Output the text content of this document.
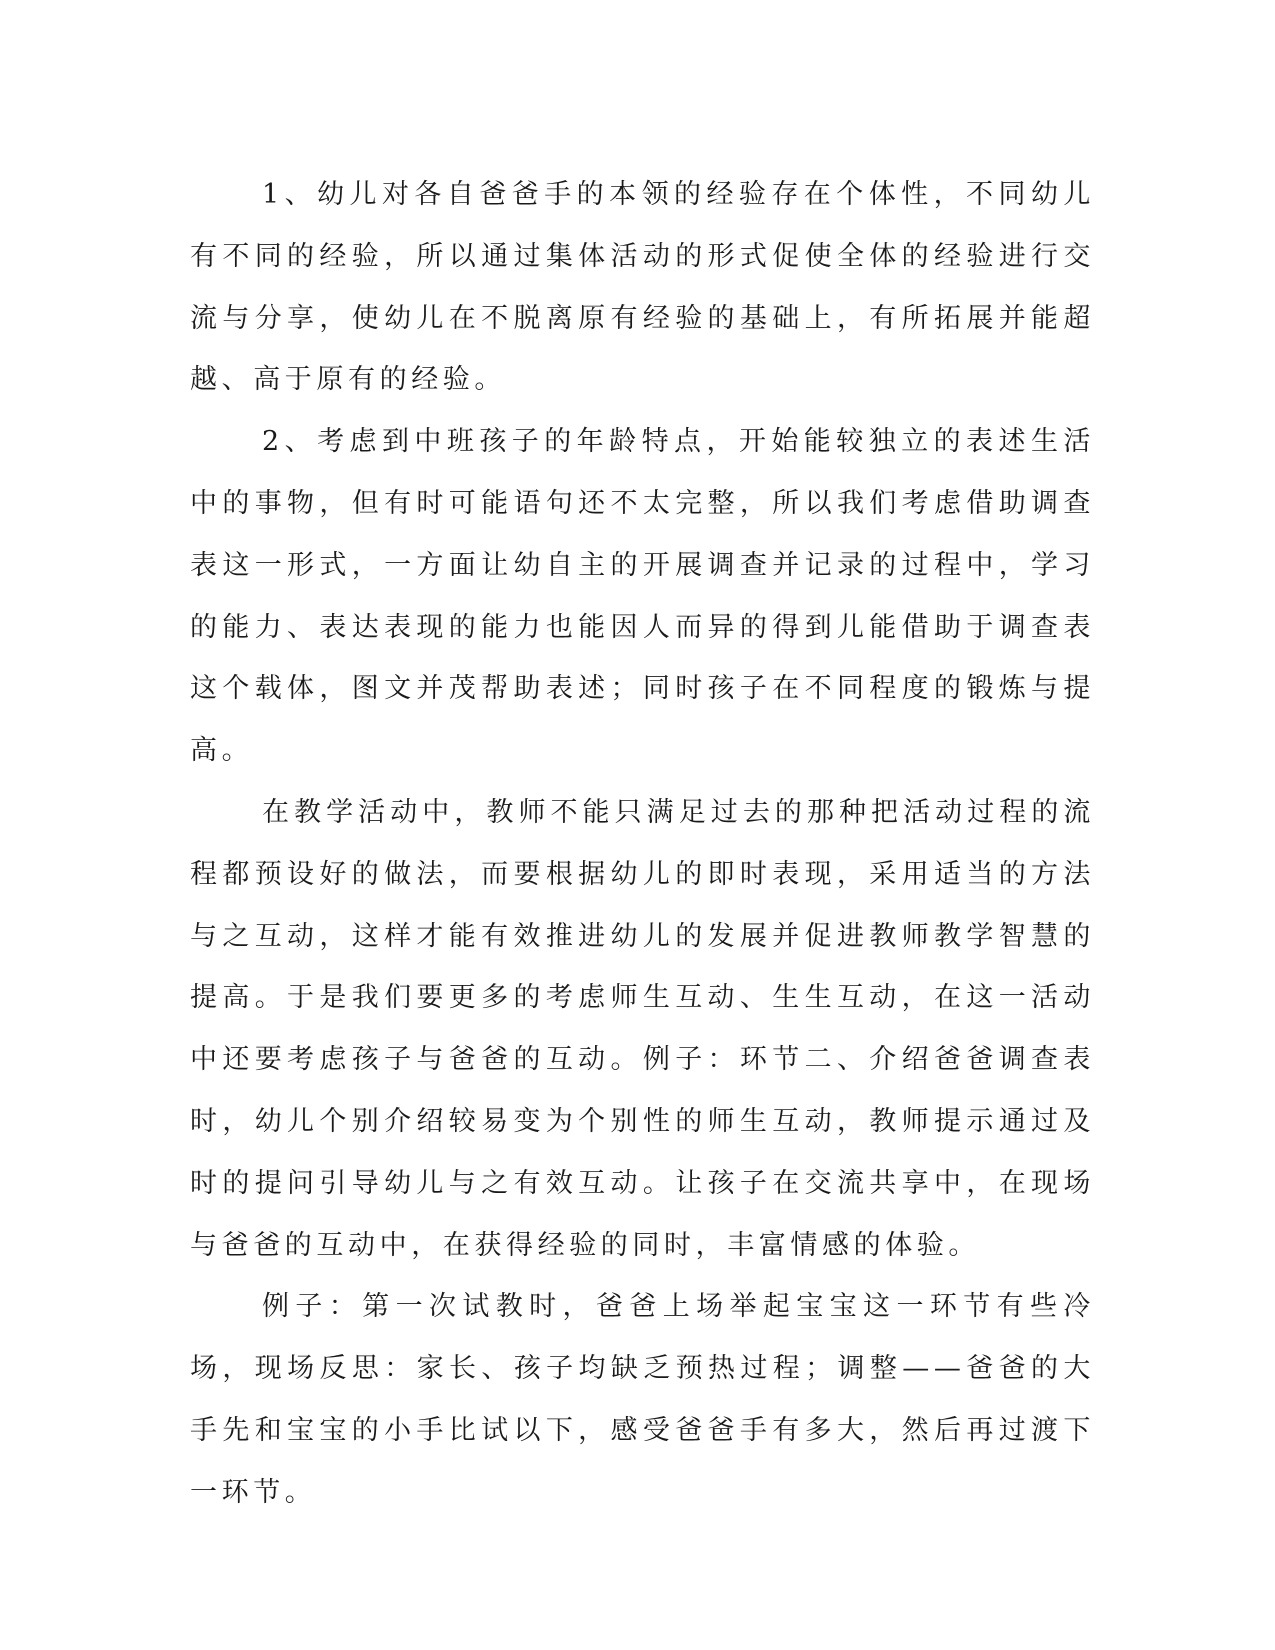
1、幼儿对各自爸爸手的本领的经验存在个体性，不同幼儿有不同的经验，所以通过集体活动的形式促使全体的经验进行交流与分享，使幼儿在不脱离原有经验的基础上，有所拓展并能超越、高于原有的经验。

2、考虑到中班孩子的年龄特点，开始能较独立的表述生活中的事物，但有时可能语句还不太完整，所以我们考虑借助调查表这一形式，一方面让幼自主的开展调查并记录的过程中，学习的能力、表达表现的能力也能因人而异的得到儿能借助于调查表这个载体，图文并茂帮助表述；同时孩子在不同程度的锻炼与提高。

在教学活动中，教师不能只满足过去的那种把活动过程的流程都预设好的做法，而要根据幼儿的即时表现，采用适当的方法与之互动，这样才能有效推进幼儿的发展并促进教师教学智慧的提高。于是我们要更多的考虑师生互动、生生互动，在这一活动中还要考虑孩子与爸爸的互动。例子：环节二、介绍爸爸调查表时，幼儿个别介绍较易变为个别性的师生互动，教师提示通过及时的提问引导幼儿与之有效互动。让孩子在交流共享中，在现场与爸爸的互动中，在获得经验的同时，丰富情感的体验。

例子：第一次试教时，爸爸上场举起宝宝这一环节有些冷场，现场反思：家长、孩子均缺乏预热过程；调整——爸爸的大手先和宝宝的小手比试以下，感受爸爸手有多大，然后再过渡下一环节。
